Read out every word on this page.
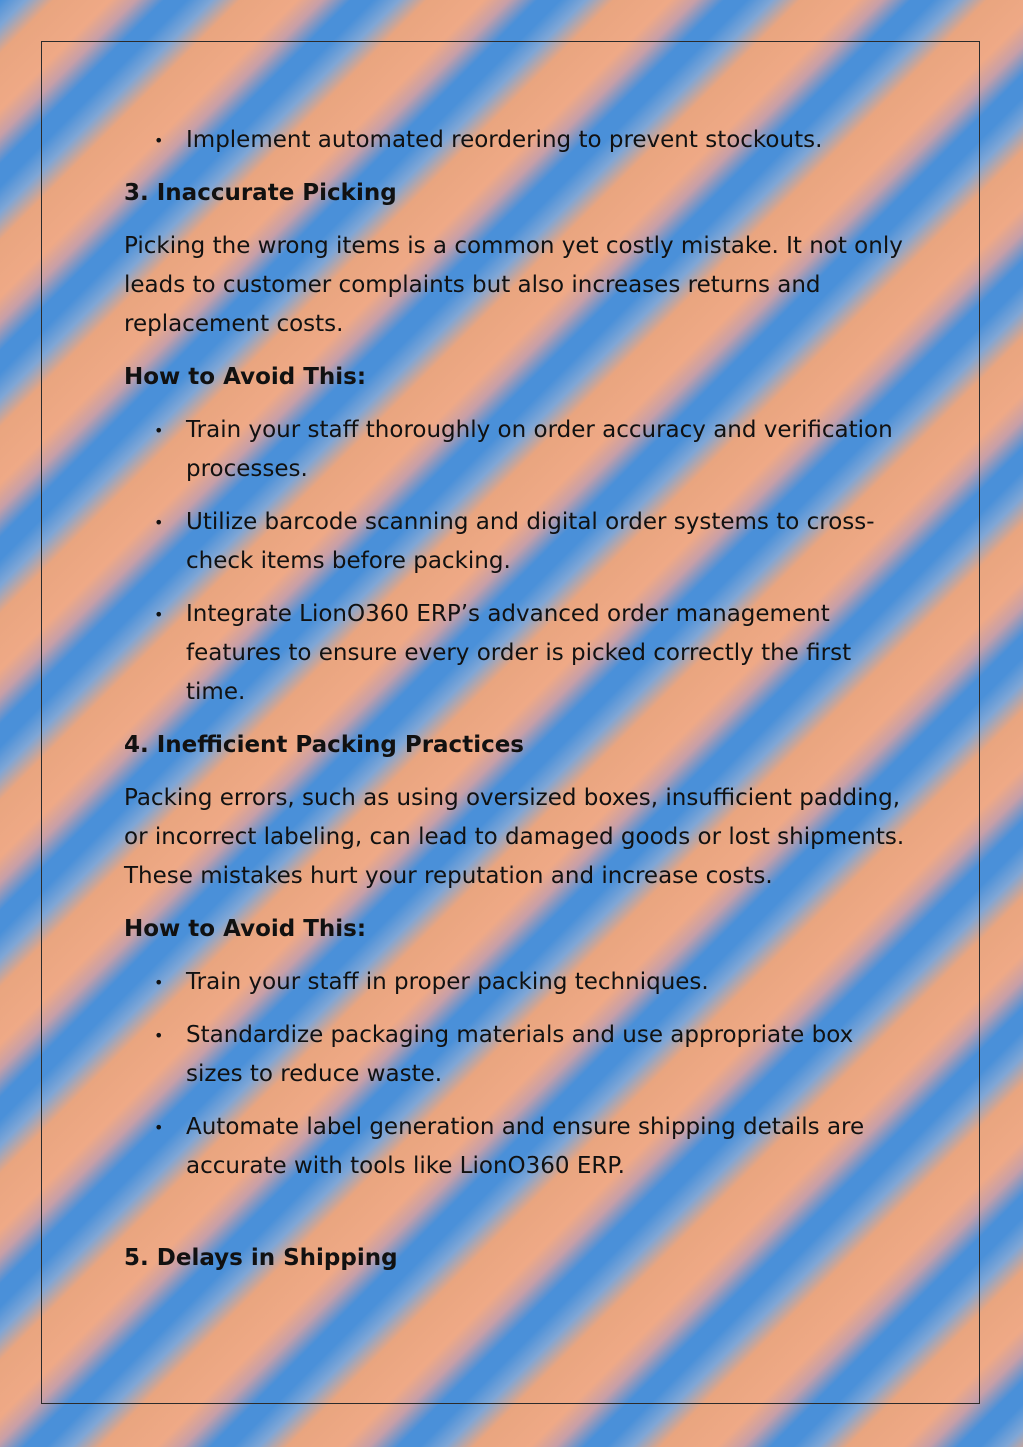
• Implement automated reordering to prevent stockouts.
3. Inaccurate Picking

Picking the wrong items is a common yet costly mistake. It not only leads to customer complaints but also increases returns and replacement costs.

How to Avoid This:
• Train your staff thoroughly on order accuracy and verification processes.
• Utilize barcode scanning and digital order systems to cross-check items before packing.
• Integrate LionO360 ERP’s advanced order management features to ensure every order is picked correctly the first time.
4. Inefficient Packing Practices

Packing errors, such as using oversized boxes, insufficient padding, or incorrect labeling, can lead to damaged goods or lost shipments. These mistakes hurt your reputation and increase costs.

How to Avoid This:
• Train your staff in proper packing techniques.
• Standardize packaging materials and use appropriate box sizes to reduce waste.
• Automate label generation and ensure shipping details are accurate with tools like LionO360 ERP.
5. Delays in Shipping
